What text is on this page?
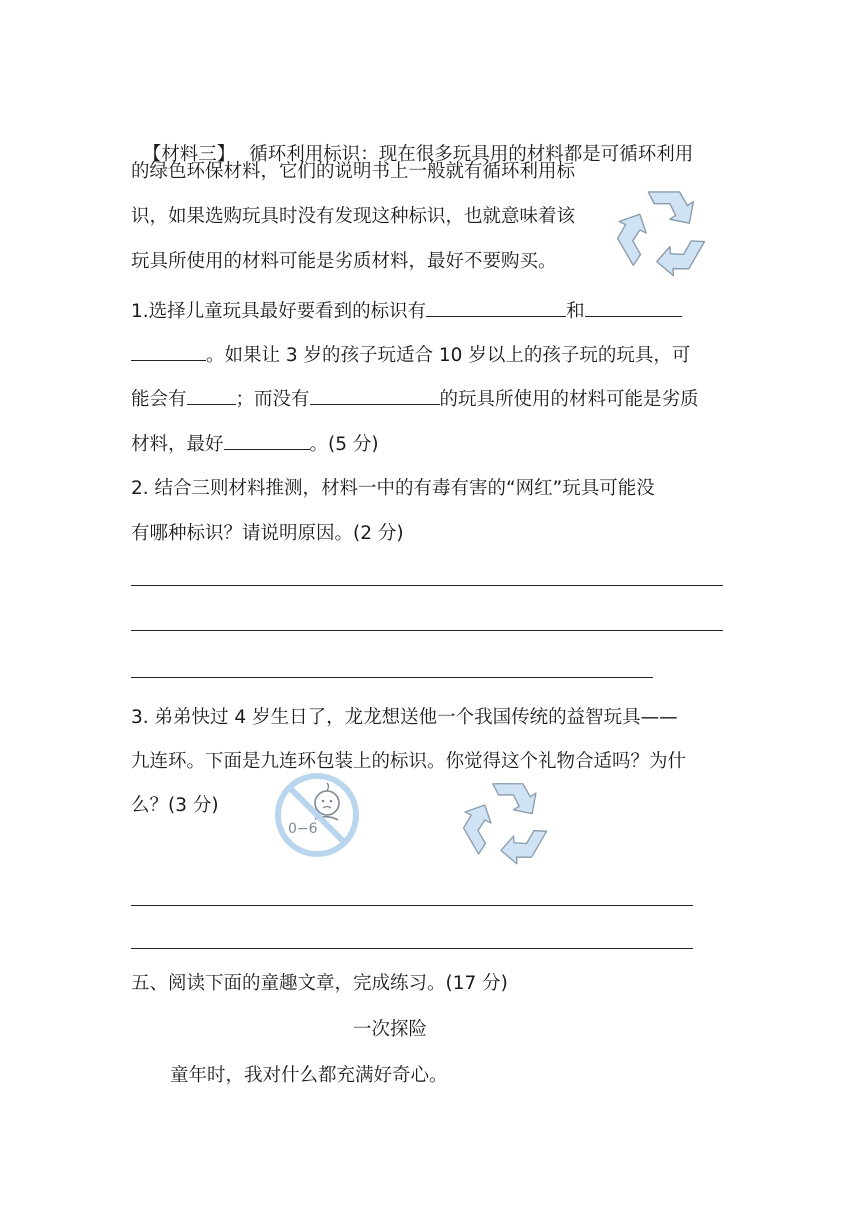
【材料三】 循环利用标识：现在很多玩具用的材料都是可循环利用

的绿色环保材料，它们的说明书上一般就有循环利用标
识，如果选购玩具时没有发现这种标识，也就意味着该
玩具所使用的材料可能是劣质材料，最好不要购买。
1.选择儿童玩具最好要看到的标识有	和
。如果让 3 岁的孩子玩适合 10 岁以上的孩子玩的玩具，可
能会有	；而没有	的玩具所使用的材料可能是劣质
材料，最好	。(5 分)
2. 结合三则材料推测，材料一中的有毒有害的“网红”玩具可能没
有哪种标识？请说明原因。(2 分)
3. 弟弟快过 4 岁生日了，龙龙想送他一个我国传统的益智玩具——
九连环。下面是九连环包装上的标识。你觉得这个礼物合适吗？为什
么？(3 分)
0−6
五、阅读下面的童趣文章，完成练习。(17 分)
一次探险
童年时，我对什么都充满好奇心。
